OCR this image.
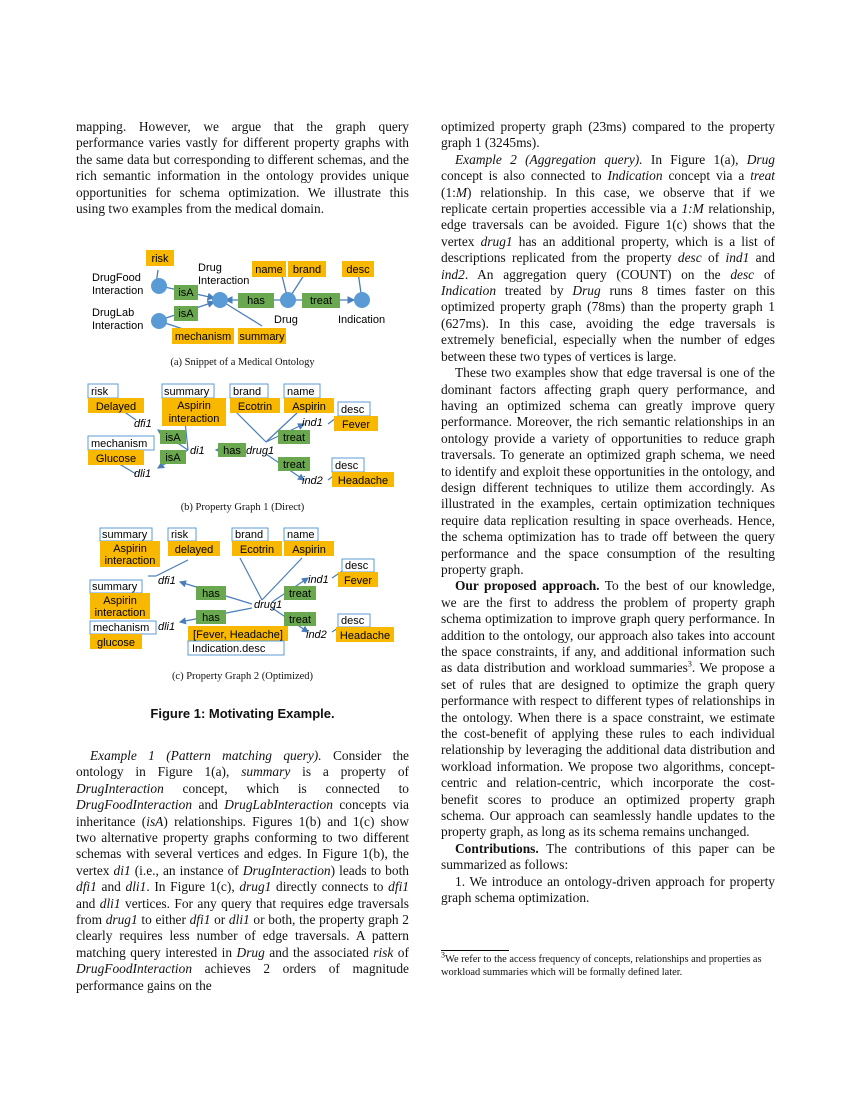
mapping. However, we argue that the graph query performance varies vastly for different property graphs with the same data but corresponding to different schemas, and the rich semantic information in the ontology provides unique opportunities for schema optimization. We illustrate this using two examples from the medical domain.

risk
DrugFood
Interaction
DrugLab
Interaction
Drug
Interaction
isA
isA
name brand desc
has	treat
Drug	Indication
mechanism summary
(a) Snippet of a Medical Ontology
risk
Delayed
summary
Aspirin
interaction
brand
Ecotrin
name
Aspirin desc
Fever
dfi1	ind1
mechanism
Glucose
isA
isA
di1 has drug1
treat
treat
dli1
desc
ind2 Headache
(b) Property Graph 1 (Direct)
summary
Aspirin
interaction
risk
delayed
brand
Ecotrin
name
Aspirin
desc
Fever
ind1
dfi1
summary
Aspirin
interaction
has
has
drug1
treat
treat
mechanism
glucose
dli1
[Fever, Headache]
Indication.desc
desc
ind2 Headache
(c) Property Graph 2 (Optimized)
Figure 1: Motivating Example.

Example 1 (Pattern matching query). Consider the ontology in Figure 1(a), summary is a property of DrugInteraction concept, which is connected to DrugFoodInteraction and DrugLabInteraction concepts via inheritance (isA) relationships. Figures 1(b) and 1(c) show two alternative property graphs conforming to two different schemas with several vertices and edges. In Figure 1(b), the vertex di1 (i.e., an instance of DrugInteraction) leads to both dfi1 and dli1. In Figure 1(c), drug1 directly connects to dfi1 and dli1 vertices. For any query that requires edge traversals from drug1 to either dfi1 or dli1 or both, the property graph 2 clearly requires less number of edge traversals. A pattern matching query interested in Drug and the associated risk of DrugFoodInteraction achieves 2 orders of magnitude performance gains on the

optimized property graph (23ms) compared to the property graph 1 (3245ms).

Example 2 (Aggregation query). In Figure 1(a), Drug concept is also connected to Indication concept via a treat (1:M) relationship. In this case, we observe that if we replicate certain properties accessible via a 1:M relationship, edge traversals can be avoided. Figure 1(c) shows that the vertex drug1 has an additional property, which is a list of descriptions replicated from the property desc of ind1 and ind2. An aggregation query (COUNT) on the desc of Indication treated by Drug runs 8 times faster on this optimized property graph (78ms) than the property graph 1 (627ms). In this case, avoiding the edge traversals is extremely beneficial, especially when the number of edges between these two types of vertices is large.

These two examples show that edge traversal is one of the dominant factors affecting graph query performance, and having an optimized schema can greatly improve query performance. Moreover, the rich semantic relationships in an ontology provide a variety of opportunities to reduce graph traversals. To generate an optimized graph schema, we need to identify and exploit these opportunities in the ontology, and design different techniques to utilize them accordingly. As illustrated in the examples, certain optimization techniques require data replication resulting in space overheads. Hence, the schema optimization has to trade off between the query performance and the space consumption of the resulting property graph.

Our proposed approach. To the best of our knowledge, we are the first to address the problem of property graph schema optimization to improve graph query performance. In addition to the ontology, our approach also takes into account the space constraints, if any, and additional information such as data distribution and workload summaries$^3$. We propose a set of rules that are designed to optimize the graph query performance with respect to different types of relationships in the ontology. When there is a space constraint, we estimate the cost-benefit of applying these rules to each individual relationship by leveraging the additional data distribution and workload information. We propose two algorithms, concept-centric and relation-centric, which incorporate the cost-benefit scores to produce an optimized property graph schema. Our approach can seamlessly handle updates to the property graph, as long as its schema remains unchanged.

Contributions. The contributions of this paper can be summarized as follows:

1. We introduce an ontology-driven approach for property graph schema optimization.

$^3$We refer to the access frequency of concepts, relationships and properties as workload summaries which will be formally defined later.
